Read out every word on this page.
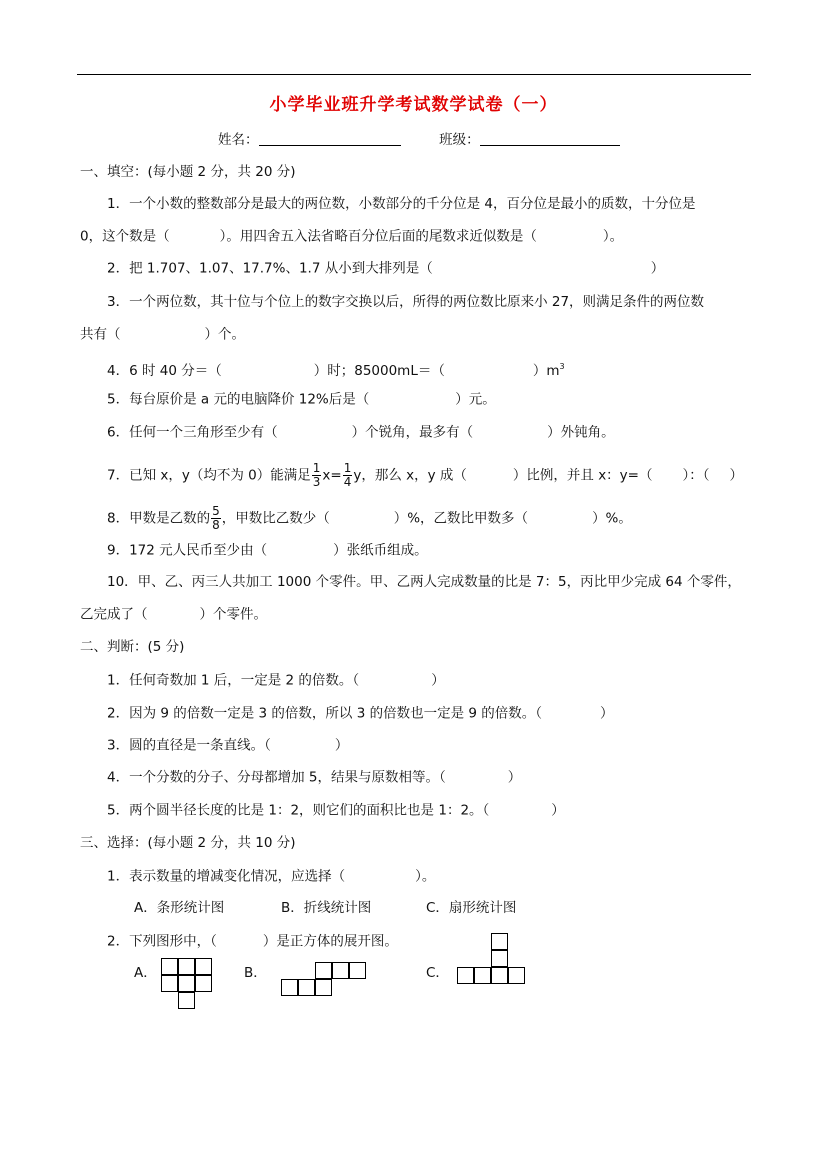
小学毕业班升学考试数学试卷（一）
姓名：	班级：
一、填空：(每小题 2 分，共 20 分)
1．一个小数的整数部分是最大的两位数，小数部分的千分位是 4，百分位是最小的质数，十分位是
0，这个数是（	）。用四舍五入法省略百分位后面的尾数求近似数是（	）。
2．把 1.707、1.07、17.7%、1.7 从小到大排列是（	）
3．一个两位数，其十位与个位上的数字交换以后，所得的两位数比原来小 27，则满足条件的两位数
共有（	）个。
4．6 时 40 分＝（	）时；85000mL＝（	）$m^3$
5．每台原价是 a 元的电脑降价 12%后是（	）元。
6．任何一个三角形至少有（	）个锐角，最多有（	）外钝角。
7．已知 x，y（均不为 0）能满足 $\frac{1}{3} x= \frac{1}{4}$ y，那么 x，y 成（	）比例，并且 x：y=（ ）：（ ）
8．甲数是乙数的 $\frac{5}{8}$ ，甲数比乙数少（	）%，乙数比甲数多（	）%。
9．172 元人民币至少由（	）张纸币组成。
10．甲、乙、丙三人共加工 1000 个零件。甲、乙两人完成数量的比是 7：5，丙比甲少完成 64 个零件，
乙完成了（	）个零件。
二、判断：(5 分)
1．任何奇数加 1 后，一定是 2 的倍数。（	）
2．因为 9 的倍数一定是 3 的倍数，所以 3 的倍数也一定是 9 的倍数。（	）
3．圆的直径是一条直线。（	）
4．一个分数的分子、分母都增加 5，结果与原数相等。（	）
5．两个圆半径长度的比是 1：2，则它们的面积比也是 1：2。（	）
三、选择：(每小题 2 分，共 10 分)
1．表示数量的增减变化情况，应选择（	）。
A．条形统计图	B．折线统计图	C．扇形统计图
2．下列图形中，（	）是正方体的展开图。
A．	B．	C．
